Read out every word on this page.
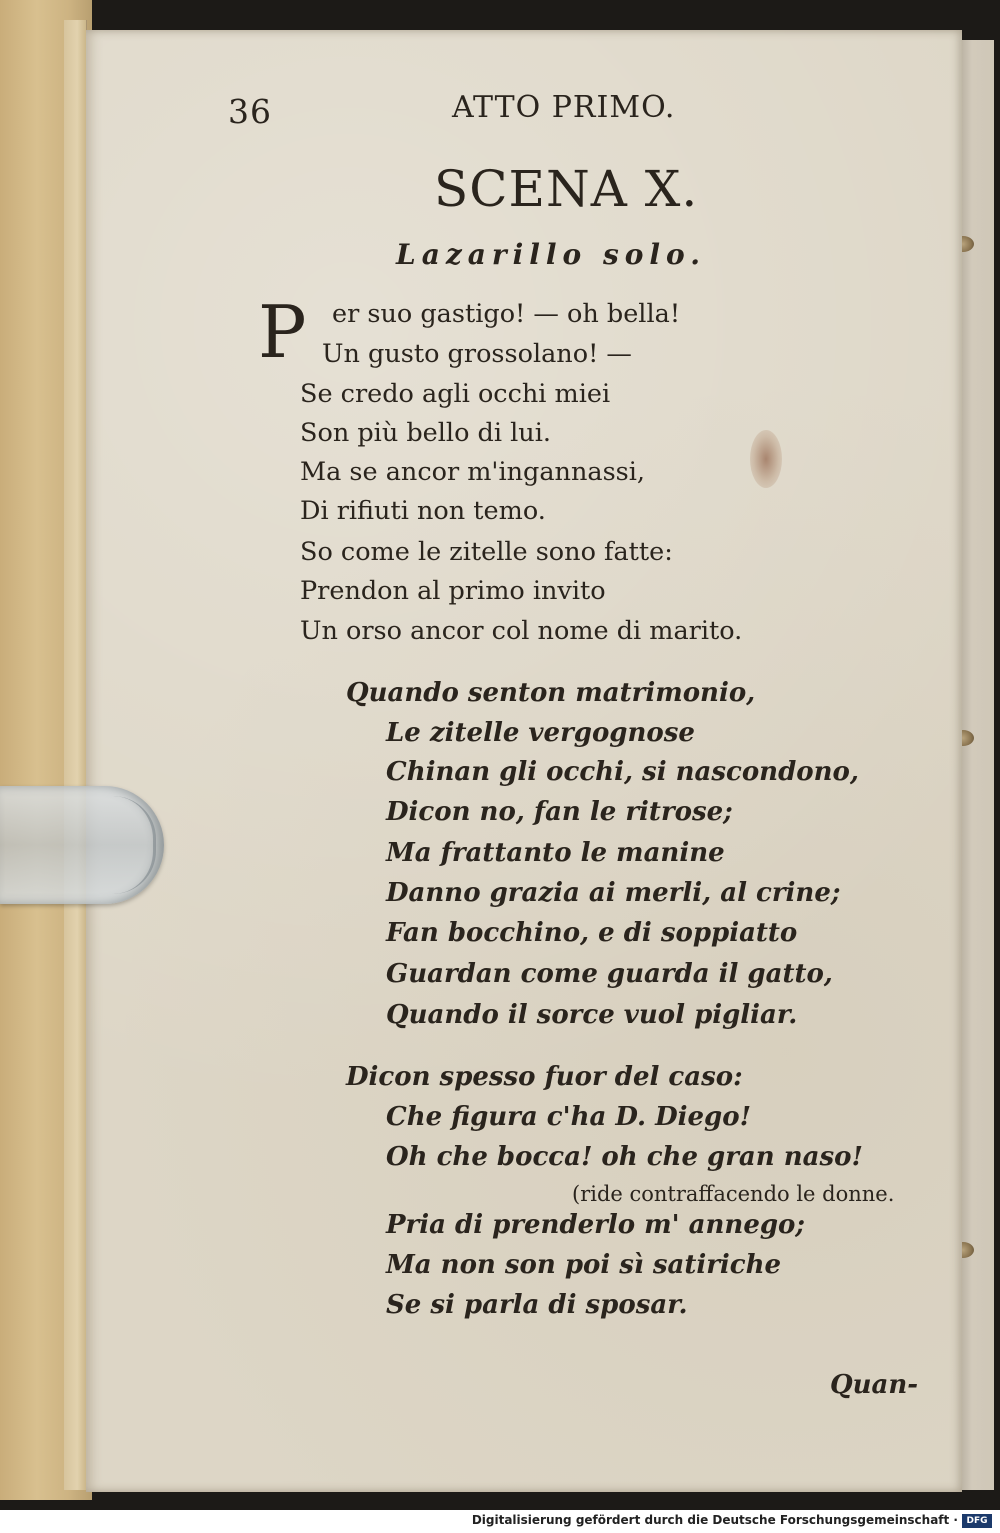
36	ATTO PRIMO.
SCENA X.
Lazarillo solo.
P er suo gastigo! — oh bella!
Un gusto grossolano! —
Se credo agli occhi miei
Son più bello di lui.
Ma se ancor m'ingannassi,
Di rifiuti non temo.
So come le zitelle sono fatte:
Prendon al primo invito
Un orso ancor col nome di marito.
Quando senton matrimonio,
Le zitelle vergognose
Chinan gli occhi, si nascondono,
Dicon no, fan le ritrose;
Ma frattanto le manine
Danno grazia ai merli, al crine;
Fan bocchino, e di soppiatto
Guardan come guarda il gatto,
Quando il sorce vuol pigliar.
Dicon spesso fuor del caso:
Che figura c'ha D. Diego!
Oh che bocca! oh che gran naso!
(ride contraffacendo le donne.
Pria di prenderlo m' annego;
Ma non son poi sì satiriche
Se si parla di sposar.
Quan-
Digitalisierung gefördert durch die Deutsche Forschungsgemeinschaft · DFG
